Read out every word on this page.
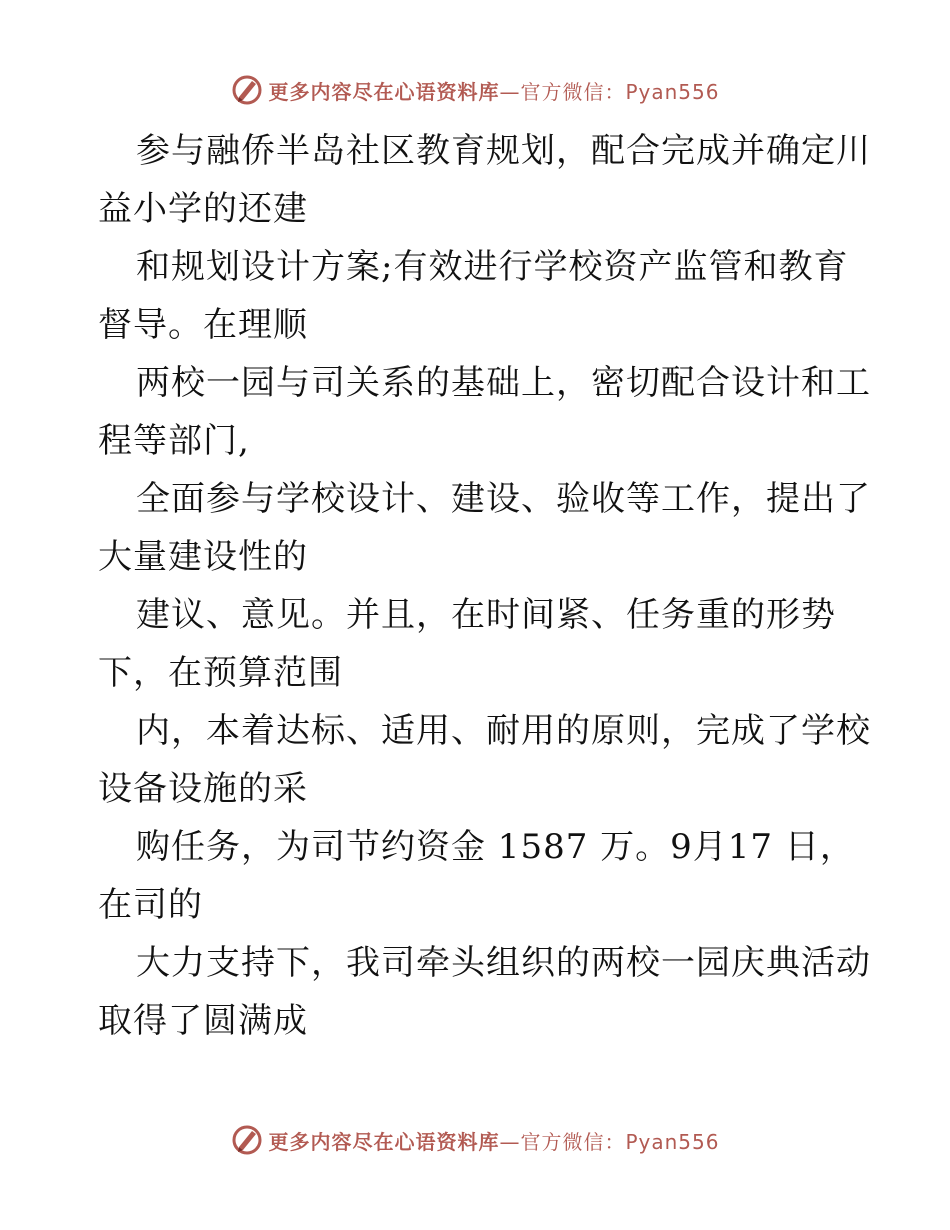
更多内容尽在心语资料库—官方微信：Pyan556

参与融侨半岛社区教育规划，配合完成并确定川
益小学的还建

和规划设计方案;有效进行学校资产监管和教育
督导。在理顺

两校一园与司关系的基础上，密切配合设计和工
程等部门,

全面参与学校设计、建设、验收等工作，提出了
大量建设性的

建议、意见。并且，在时间紧、任务重的形势
下，在预算范围

内，本着达标、适用、耐用的原则，完成了学校
设备设施的采

购任务，为司节约资金 1587 万。9月17 日，
在司的

大力支持下，我司牵头组织的两校一园庆典活动
取得了圆满成

更多内容尽在心语资料库—官方微信：Pyan556
